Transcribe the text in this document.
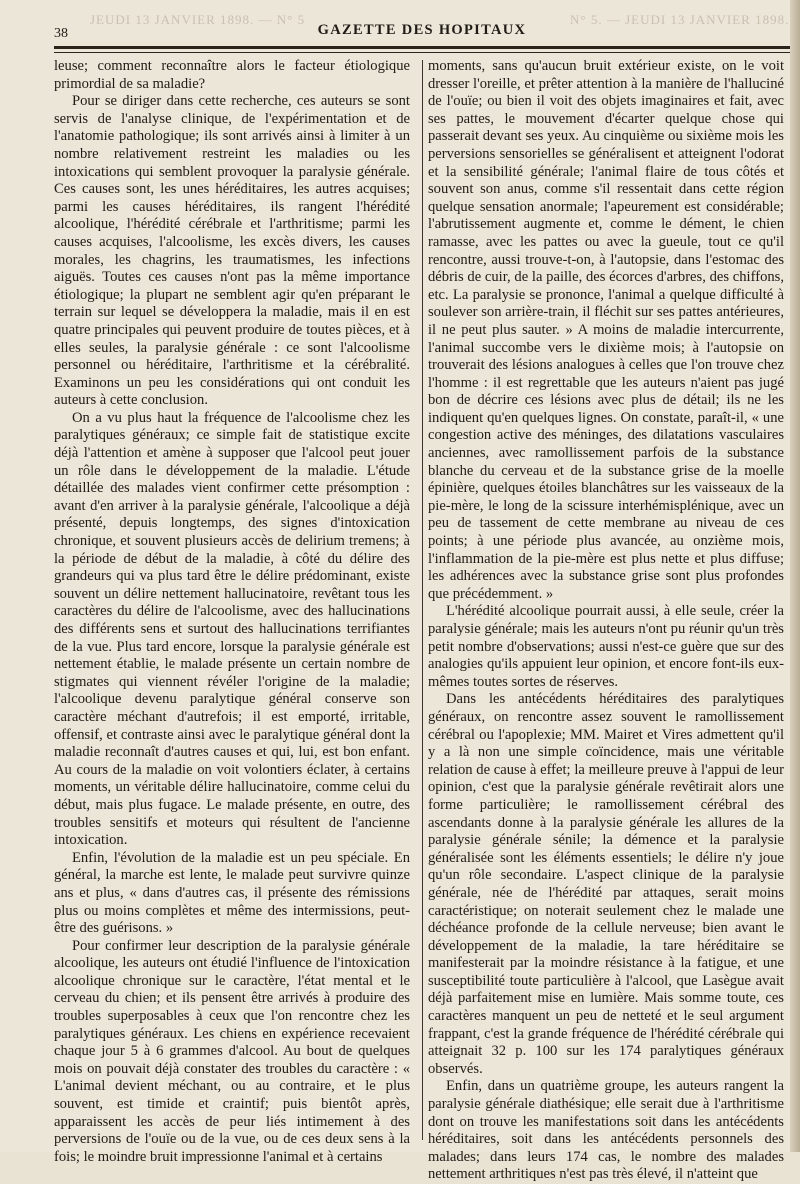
JEUDI 13 JANVIER 1898. — N° 5	N° 5. — JEUDI 13 JANVIER 1898.
38	GAZETTE DES HOPITAUX

leuse; comment reconnaître alors le facteur étiologique primordial de sa maladie?

Pour se diriger dans cette recherche, ces auteurs se sont servis de l'analyse clinique, de l'expérimentation et de l'anatomie pathologique; ils sont arrivés ainsi à limiter à un nombre relativement restreint les maladies ou les intoxications qui semblent provoquer la paralysie générale. Ces causes sont, les unes héréditaires, les autres acquises; parmi les causes héréditaires, ils rangent l'hérédité alcoolique, l'hérédité cérébrale et l'arthritisme; parmi les causes acquises, l'alcoolisme, les excès divers, les causes morales, les chagrins, les traumatismes, les infections aiguës. Toutes ces causes n'ont pas la même importance étiologique; la plupart ne semblent agir qu'en préparant le terrain sur lequel se développera la maladie, mais il en est quatre principales qui peuvent produire de toutes pièces, et à elles seules, la paralysie générale : ce sont l'alcoolisme personnel ou héréditaire, l'arthritisme et la cérébralité. Examinons un peu les considérations qui ont conduit les auteurs à cette conclusion.

On a vu plus haut la fréquence de l'alcoolisme chez les paralytiques généraux; ce simple fait de statistique excite déjà l'attention et amène à supposer que l'alcool peut jouer un rôle dans le développement de la maladie. L'étude détaillée des malades vient confirmer cette présomption : avant d'en arriver à la paralysie générale, l'alcoolique a déjà présenté, depuis longtemps, des signes d'intoxication chronique, et souvent plusieurs accès de delirium tremens; à la période de début de la maladie, à côté du délire des grandeurs qui va plus tard être le délire prédominant, existe souvent un délire nettement hallucinatoire, revêtant tous les caractères du délire de l'alcoolisme, avec des hallucinations des différents sens et surtout des hallucinations terrifiantes de la vue. Plus tard encore, lorsque la paralysie générale est nettement établie, le malade présente un certain nombre de stigmates qui viennent révéler l'origine de la maladie; l'alcoolique devenu paralytique général conserve son caractère méchant d'autrefois; il est emporté, irritable, offensif, et contraste ainsi avec le paralytique général dont la maladie reconnaît d'autres causes et qui, lui, est bon enfant. Au cours de la maladie on voit volontiers éclater, à certains moments, un véritable délire hallucinatoire, comme celui du début, mais plus fugace. Le malade présente, en outre, des troubles sensitifs et moteurs qui résultent de l'ancienne intoxication.

Enfin, l'évolution de la maladie est un peu spéciale. En général, la marche est lente, le malade peut survivre quinze ans et plus, « dans d'autres cas, il présente des rémissions plus ou moins complètes et même des intermissions, peut-être des guérisons. »

Pour confirmer leur description de la paralysie générale alcoolique, les auteurs ont étudié l'influence de l'intoxication alcoolique chronique sur le caractère, l'état mental et le cerveau du chien; et ils pensent être arrivés à produire des troubles superposables à ceux que l'on rencontre chez les paralytiques généraux. Les chiens en expérience recevaient chaque jour 5 à 6 grammes d'alcool. Au bout de quelques mois on pouvait déjà constater des troubles du caractère : « L'animal devient méchant, ou au contraire, et le plus souvent, est timide et craintif; puis bientôt après, apparaissent les accès de peur liés intimement à des perversions de l'ouïe ou de la vue, ou de ces deux sens à la fois; le moindre bruit impressionne l'animal et à certains

moments, sans qu'aucun bruit extérieur existe, on le voit dresser l'oreille, et prêter attention à la manière de l'halluciné de l'ouïe; ou bien il voit des objets imaginaires et fait, avec ses pattes, le mouvement d'écarter quelque chose qui passerait devant ses yeux. Au cinquième ou sixième mois les perversions sensorielles se généralisent et atteignent l'odorat et la sensibilité générale; l'animal flaire de tous côtés et souvent son anus, comme s'il ressentait dans cette région quelque sensation anormale; l'apeurement est considérable; l'abrutissement augmente et, comme le dément, le chien ramasse, avec les pattes ou avec la gueule, tout ce qu'il rencontre, aussi trouve-t-on, à l'autopsie, dans l'estomac des débris de cuir, de la paille, des écorces d'arbres, des chiffons, etc. La paralysie se prononce, l'animal a quelque difficulté à soulever son arrière-train, il fléchit sur ses pattes antérieures, il ne peut plus sauter. » A moins de maladie intercurrente, l'animal succombe vers le dixième mois; à l'autopsie on trouverait des lésions analogues à celles que l'on trouve chez l'homme : il est regrettable que les auteurs n'aient pas jugé bon de décrire ces lésions avec plus de détail; ils ne les indiquent qu'en quelques lignes. On constate, paraît-il, « une congestion active des méninges, des dilatations vasculaires anciennes, avec ramollissement parfois de la substance blanche du cerveau et de la substance grise de la moelle épinière, quelques étoiles blanchâtres sur les vaisseaux de la pie-mère, le long de la scissure interhémisplénique, avec un peu de tassement de cette membrane au niveau de ces points; à une période plus avancée, au onzième mois, l'inflammation de la pie-mère est plus nette et plus diffuse; les adhérences avec la substance grise sont plus profondes que précédemment. »

L'hérédité alcoolique pourrait aussi, à elle seule, créer la paralysie générale; mais les auteurs n'ont pu réunir qu'un très petit nombre d'observations; aussi n'est-ce guère que sur des analogies qu'ils appuient leur opinion, et encore font-ils eux-mêmes toutes sortes de réserves.

Dans les antécédents héréditaires des paralytiques généraux, on rencontre assez souvent le ramollissement cérébral ou l'apoplexie; MM. Mairet et Vires admettent qu'il y a là non une simple coïncidence, mais une véritable relation de cause à effet; la meilleure preuve à l'appui de leur opinion, c'est que la paralysie générale revêtirait alors une forme particulière; le ramollissement cérébral des ascendants donne à la paralysie générale les allures de la paralysie générale sénile; la démence et la paralysie généralisée sont les éléments essentiels; le délire n'y joue qu'un rôle secondaire. L'aspect clinique de la paralysie générale, née de l'hérédité par attaques, serait moins caractéristique; on noterait seulement chez le malade une déchéance profonde de la cellule nerveuse; bien avant le développement de la maladie, la tare héréditaire se manifesterait par la moindre résistance à la fatigue, et une susceptibilité toute particulière à l'alcool, que Lasègue avait déjà parfaitement mise en lumière. Mais somme toute, ces caractères manquent un peu de netteté et le seul argument frappant, c'est la grande fréquence de l'hérédité cérébrale qui atteignait 32 p. 100 sur les 174 paralytiques généraux observés.

Enfin, dans un quatrième groupe, les auteurs rangent la paralysie générale diathésique; elle serait due à l'arthritisme dont on trouve les manifestations soit dans les antécédents héréditaires, soit dans les antécédents personnels des malades; dans leurs 174 cas, le nombre des malades nettement arthritiques n'est pas très élevé, il n'atteint que
